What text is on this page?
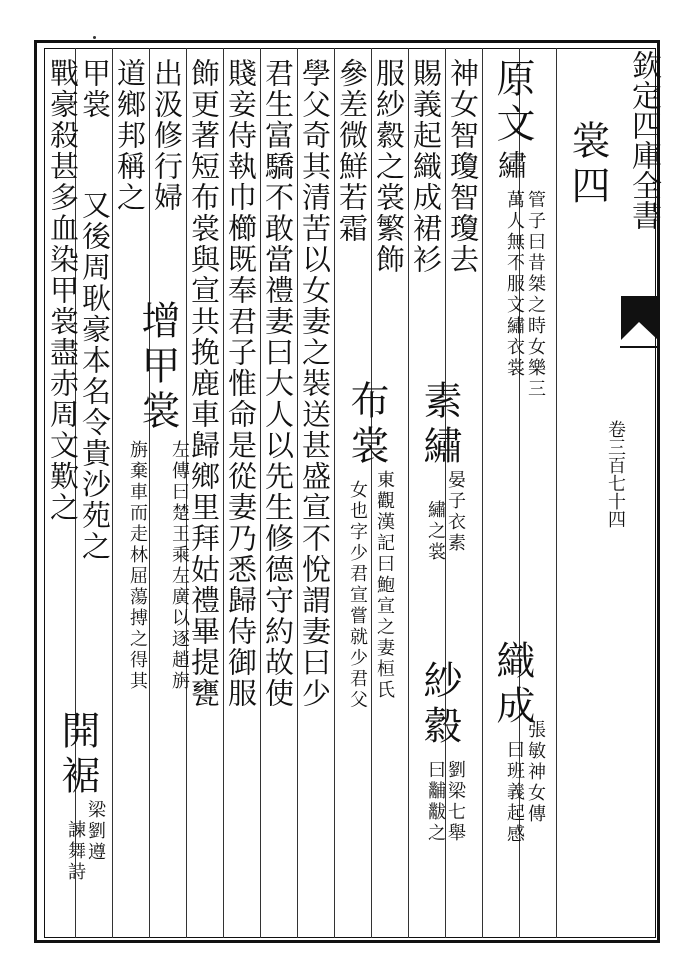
欽定四庫全書
卷三百七十四
裳四
原文
繡
管子曰昔桀之時女樂三
萬人無不服文繡衣裳
織成
張敏神女傳
曰班義起感
神女智瓊智瓊去
賜義起織成裙衫
素繡
晏子衣素
繡之裳
紗縠
劉梁七舉
曰黼黻之
服紗縠之裳繁飾
參差微鮮若霜
布裳
東觀漢記曰鮑宣之妻桓氏
女也字少君宣嘗就少君父
學父奇其清苦以女妻之裝送甚盛宣不悅謂妻曰少
君生富驕不敢當禮妻曰大人以先生修德守約故使
賤妾侍執巾櫛既奉君子惟命是從妻乃悉歸侍御服
飾更著短布裳與宣共挽鹿車歸鄉里拜姑禮畢提甕
出汲修行婦
道鄉邦稱之
增甲裳
左傳曰楚王乘左廣以逐趙旃
旃棄車而走林屈蕩搏之得其
甲裳
又後周耿豪本名令貴沙苑之
戰豪殺甚多血染甲裳盡赤周文歎之
開裾
梁劉遵
諫舞詩
